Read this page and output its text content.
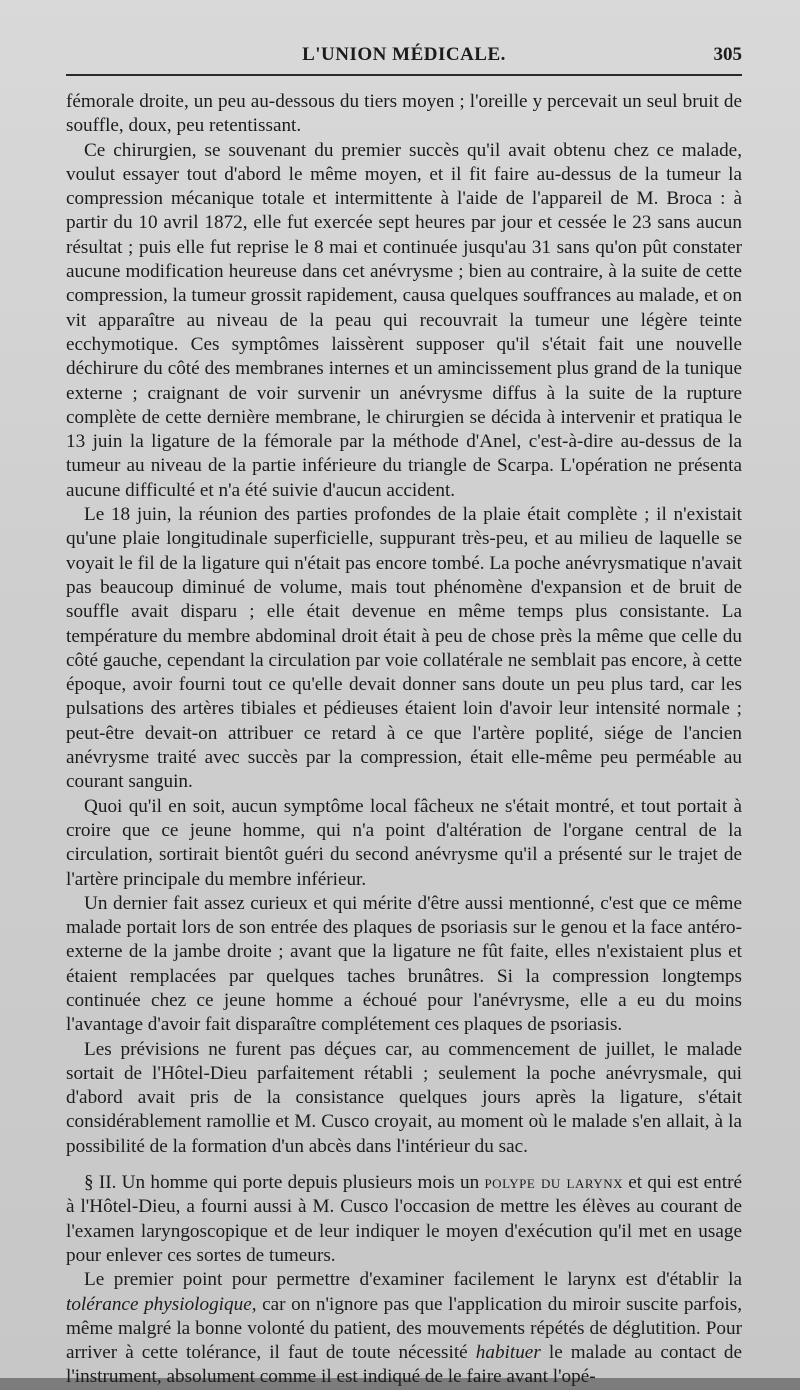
L'UNION MÉDICALE.	305

fémorale droite, un peu au-dessous du tiers moyen ; l'oreille y percevait un seul bruit de souffle, doux, peu retentissant.

Ce chirurgien, se souvenant du premier succès qu'il avait obtenu chez ce malade, voulut essayer tout d'abord le même moyen, et il fit faire au-dessus de la tumeur la compression mécanique totale et intermittente à l'aide de l'appareil de M. Broca : à partir du 10 avril 1872, elle fut exercée sept heures par jour et cessée le 23 sans aucun résultat ; puis elle fut reprise le 8 mai et continuée jusqu'au 31 sans qu'on pût constater aucune modification heureuse dans cet anévrysme ; bien au contraire, à la suite de cette compression, la tumeur grossit rapidement, causa quelques souffrances au malade, et on vit apparaître au niveau de la peau qui recouvrait la tumeur une légère teinte ecchymotique. Ces symptômes laissèrent supposer qu'il s'était fait une nouvelle déchirure du côté des membranes internes et un amincissement plus grand de la tunique externe ; craignant de voir survenir un anévrysme diffus à la suite de la rupture complète de cette dernière membrane, le chirurgien se décida à intervenir et pratiqua le 13 juin la ligature de la fémorale par la méthode d'Anel, c'est-à-dire au-dessus de la tumeur au niveau de la partie inférieure du triangle de Scarpa. L'opération ne présenta aucune difficulté et n'a été suivie d'aucun accident.

Le 18 juin, la réunion des parties profondes de la plaie était complète ; il n'existait qu'une plaie longitudinale superficielle, suppurant très-peu, et au milieu de laquelle se voyait le fil de la ligature qui n'était pas encore tombé. La poche anévrysmatique n'avait pas beaucoup diminué de volume, mais tout phénomène d'expansion et de bruit de souffle avait disparu ; elle était devenue en même temps plus consistante. La température du membre abdominal droit était à peu de chose près la même que celle du côté gauche, cependant la circulation par voie collatérale ne semblait pas encore, à cette époque, avoir fourni tout ce qu'elle devait donner sans doute un peu plus tard, car les pulsations des artères tibiales et pédieuses étaient loin d'avoir leur intensité normale ; peut-être devait-on attribuer ce retard à ce que l'artère poplité, siége de l'ancien anévrysme traité avec succès par la compression, était elle-même peu perméable au courant sanguin.

Quoi qu'il en soit, aucun symptôme local fâcheux ne s'était montré, et tout portait à croire que ce jeune homme, qui n'a point d'altération de l'organe central de la circulation, sortirait bientôt guéri du second anévrysme qu'il a présenté sur le trajet de l'artère principale du membre inférieur.

Un dernier fait assez curieux et qui mérite d'être aussi mentionné, c'est que ce même malade portait lors de son entrée des plaques de psoriasis sur le genou et la face antéro-externe de la jambe droite ; avant que la ligature ne fût faite, elles n'existaient plus et étaient remplacées par quelques taches brunâtres. Si la compression longtemps continuée chez ce jeune homme a échoué pour l'anévrysme, elle a eu du moins l'avantage d'avoir fait disparaître complétement ces plaques de psoriasis.

Les prévisions ne furent pas déçues car, au commencement de juillet, le malade sortait de l'Hôtel-Dieu parfaitement rétabli ; seulement la poche anévrysmale, qui d'abord avait pris de la consistance quelques jours après la ligature, s'était considérablement ramollie et M. Cusco croyait, au moment où le malade s'en allait, à la possibilité de la formation d'un abcès dans l'intérieur du sac.

§ II. Un homme qui porte depuis plusieurs mois un polype du larynx et qui est entré à l'Hôtel-Dieu, a fourni aussi à M. Cusco l'occasion de mettre les élèves au courant de l'examen laryngoscopique et de leur indiquer le moyen d'exécution qu'il met en usage pour enlever ces sortes de tumeurs.

Le premier point pour permettre d'examiner facilement le larynx est d'établir la tolérance physiologique, car on n'ignore pas que l'application du miroir suscite parfois, même malgré la bonne volonté du patient, des mouvements répétés de déglutition. Pour arriver à cette tolérance, il faut de toute nécessité habituer le malade au contact de l'instrument, absolument comme il est indiqué de le faire avant l'opé-
